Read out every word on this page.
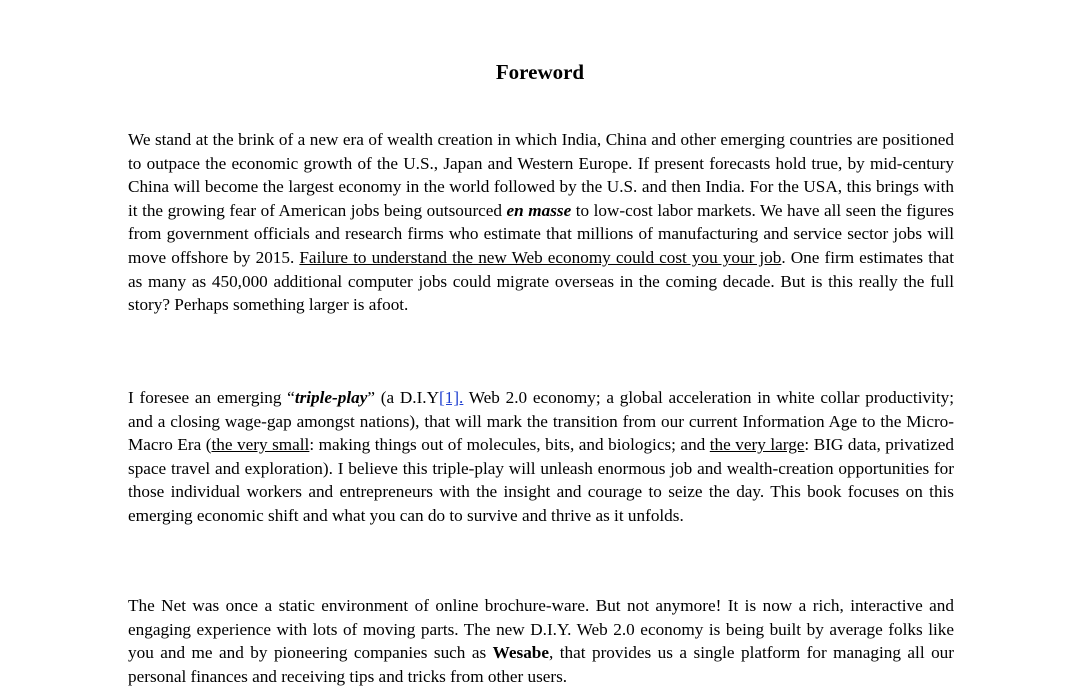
Foreword

We stand at the brink of a new era of wealth creation in which India, China and other emerging countries are positioned to outpace the economic growth of the U.S., Japan and Western Europe. If present forecasts hold true, by mid-century China will become the largest economy in the world followed by the U.S. and then India. For the USA, this brings with it the growing fear of American jobs being outsourced en masse to low-cost labor markets. We have all seen the figures from government officials and research firms who estimate that millions of manufacturing and service sector jobs will move offshore by 2015. Failure to understand the new Web economy could cost you your job. One firm estimates that as many as 450,000 additional computer jobs could migrate overseas in the coming decade. But is this really the full story? Perhaps something larger is afoot.

I foresee an emerging “triple-play” (a D.I.Y[1]. Web 2.0 economy; a global acceleration in white collar productivity; and a closing wage-gap amongst nations), that will mark the transition from our current Information Age to the Micro-Macro Era (the very small: making things out of molecules, bits, and biologics; and the very large: BIG data, privatized space travel and exploration). I believe this triple-play will unleash enormous job and wealth-creation opportunities for those individual workers and entrepreneurs with the insight and courage to seize the day. This book focuses on this emerging economic shift and what you can do to survive and thrive as it unfolds.

The Net was once a static environment of online brochure-ware. But not anymore! It is now a rich, interactive and engaging experience with lots of moving parts. The new D.I.Y. Web 2.0 economy is being built by average folks like you and me and by pioneering companies such as Wesabe, that provides us a single platform for managing all our personal finances and receiving tips and tricks from other users.
